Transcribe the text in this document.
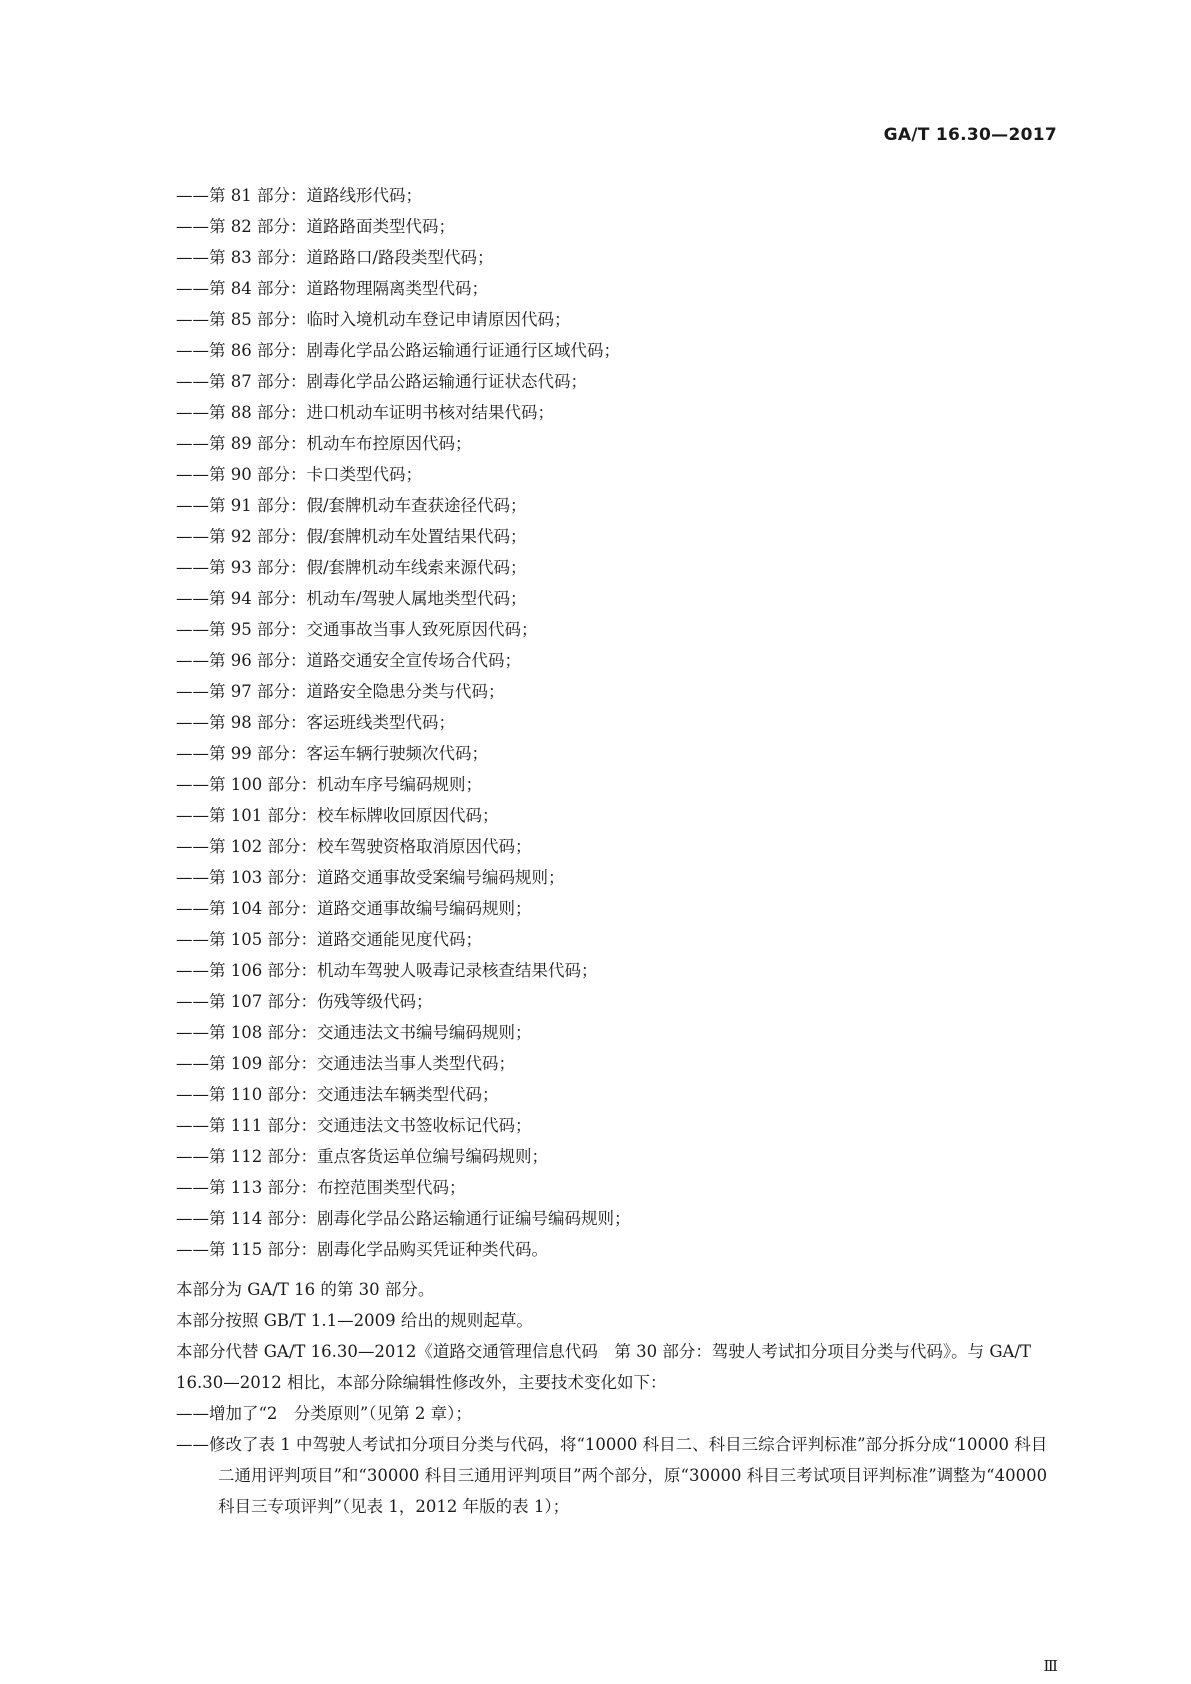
GA/T 16.30—2017
——第 81 部分：道路线形代码；
——第 82 部分：道路路面类型代码；
——第 83 部分：道路路口/路段类型代码；
——第 84 部分：道路物理隔离类型代码；
——第 85 部分：临时入境机动车登记申请原因代码；
——第 86 部分：剧毒化学品公路运输通行证通行区域代码；
——第 87 部分：剧毒化学品公路运输通行证状态代码；
——第 88 部分：进口机动车证明书核对结果代码；
——第 89 部分：机动车布控原因代码；
——第 90 部分：卡口类型代码；
——第 91 部分：假/套牌机动车查获途径代码；
——第 92 部分：假/套牌机动车处置结果代码；
——第 93 部分：假/套牌机动车线索来源代码；
——第 94 部分：机动车/驾驶人属地类型代码；
——第 95 部分：交通事故当事人致死原因代码；
——第 96 部分：道路交通安全宣传场合代码；
——第 97 部分：道路安全隐患分类与代码；
——第 98 部分：客运班线类型代码；
——第 99 部分：客运车辆行驶频次代码；
——第 100 部分：机动车序号编码规则；
——第 101 部分：校车标牌收回原因代码；
——第 102 部分：校车驾驶资格取消原因代码；
——第 103 部分：道路交通事故受案编号编码规则；
——第 104 部分：道路交通事故编号编码规则；
——第 105 部分：道路交通能见度代码；
——第 106 部分：机动车驾驶人吸毒记录核查结果代码；
——第 107 部分：伤残等级代码；
——第 108 部分：交通违法文书编号编码规则；
——第 109 部分：交通违法当事人类型代码；
——第 110 部分：交通违法车辆类型代码；
——第 111 部分：交通违法文书签收标记代码；
——第 112 部分：重点客货运单位编号编码规则；
——第 113 部分：布控范围类型代码；
——第 114 部分：剧毒化学品公路运输通行证编号编码规则；
——第 115 部分：剧毒化学品购买凭证种类代码。
本部分为 GA/T 16 的第 30 部分。
本部分按照 GB/T 1.1—2009 给出的规则起草。
本部分代替 GA/T 16.30—2012《道路交通管理信息代码　第 30 部分：驾驶人考试扣分项目分类与代码》。与 GA/T 16.30—2012 相比，本部分除编辑性修改外，主要技术变化如下：
——增加了“2　分类原则”（见第 2 章）；
——修改了表 1 中驾驶人考试扣分项目分类与代码，将“10000 科目二、科目三综合评判标准”部分拆分成“10000 科目二通用评判项目”和“30000 科目三通用评判项目”两个部分，原“30000 科目三考试项目评判标准”调整为“40000 科目三专项评判”（见表 1，2012 年版的表 1）；
Ⅲ
